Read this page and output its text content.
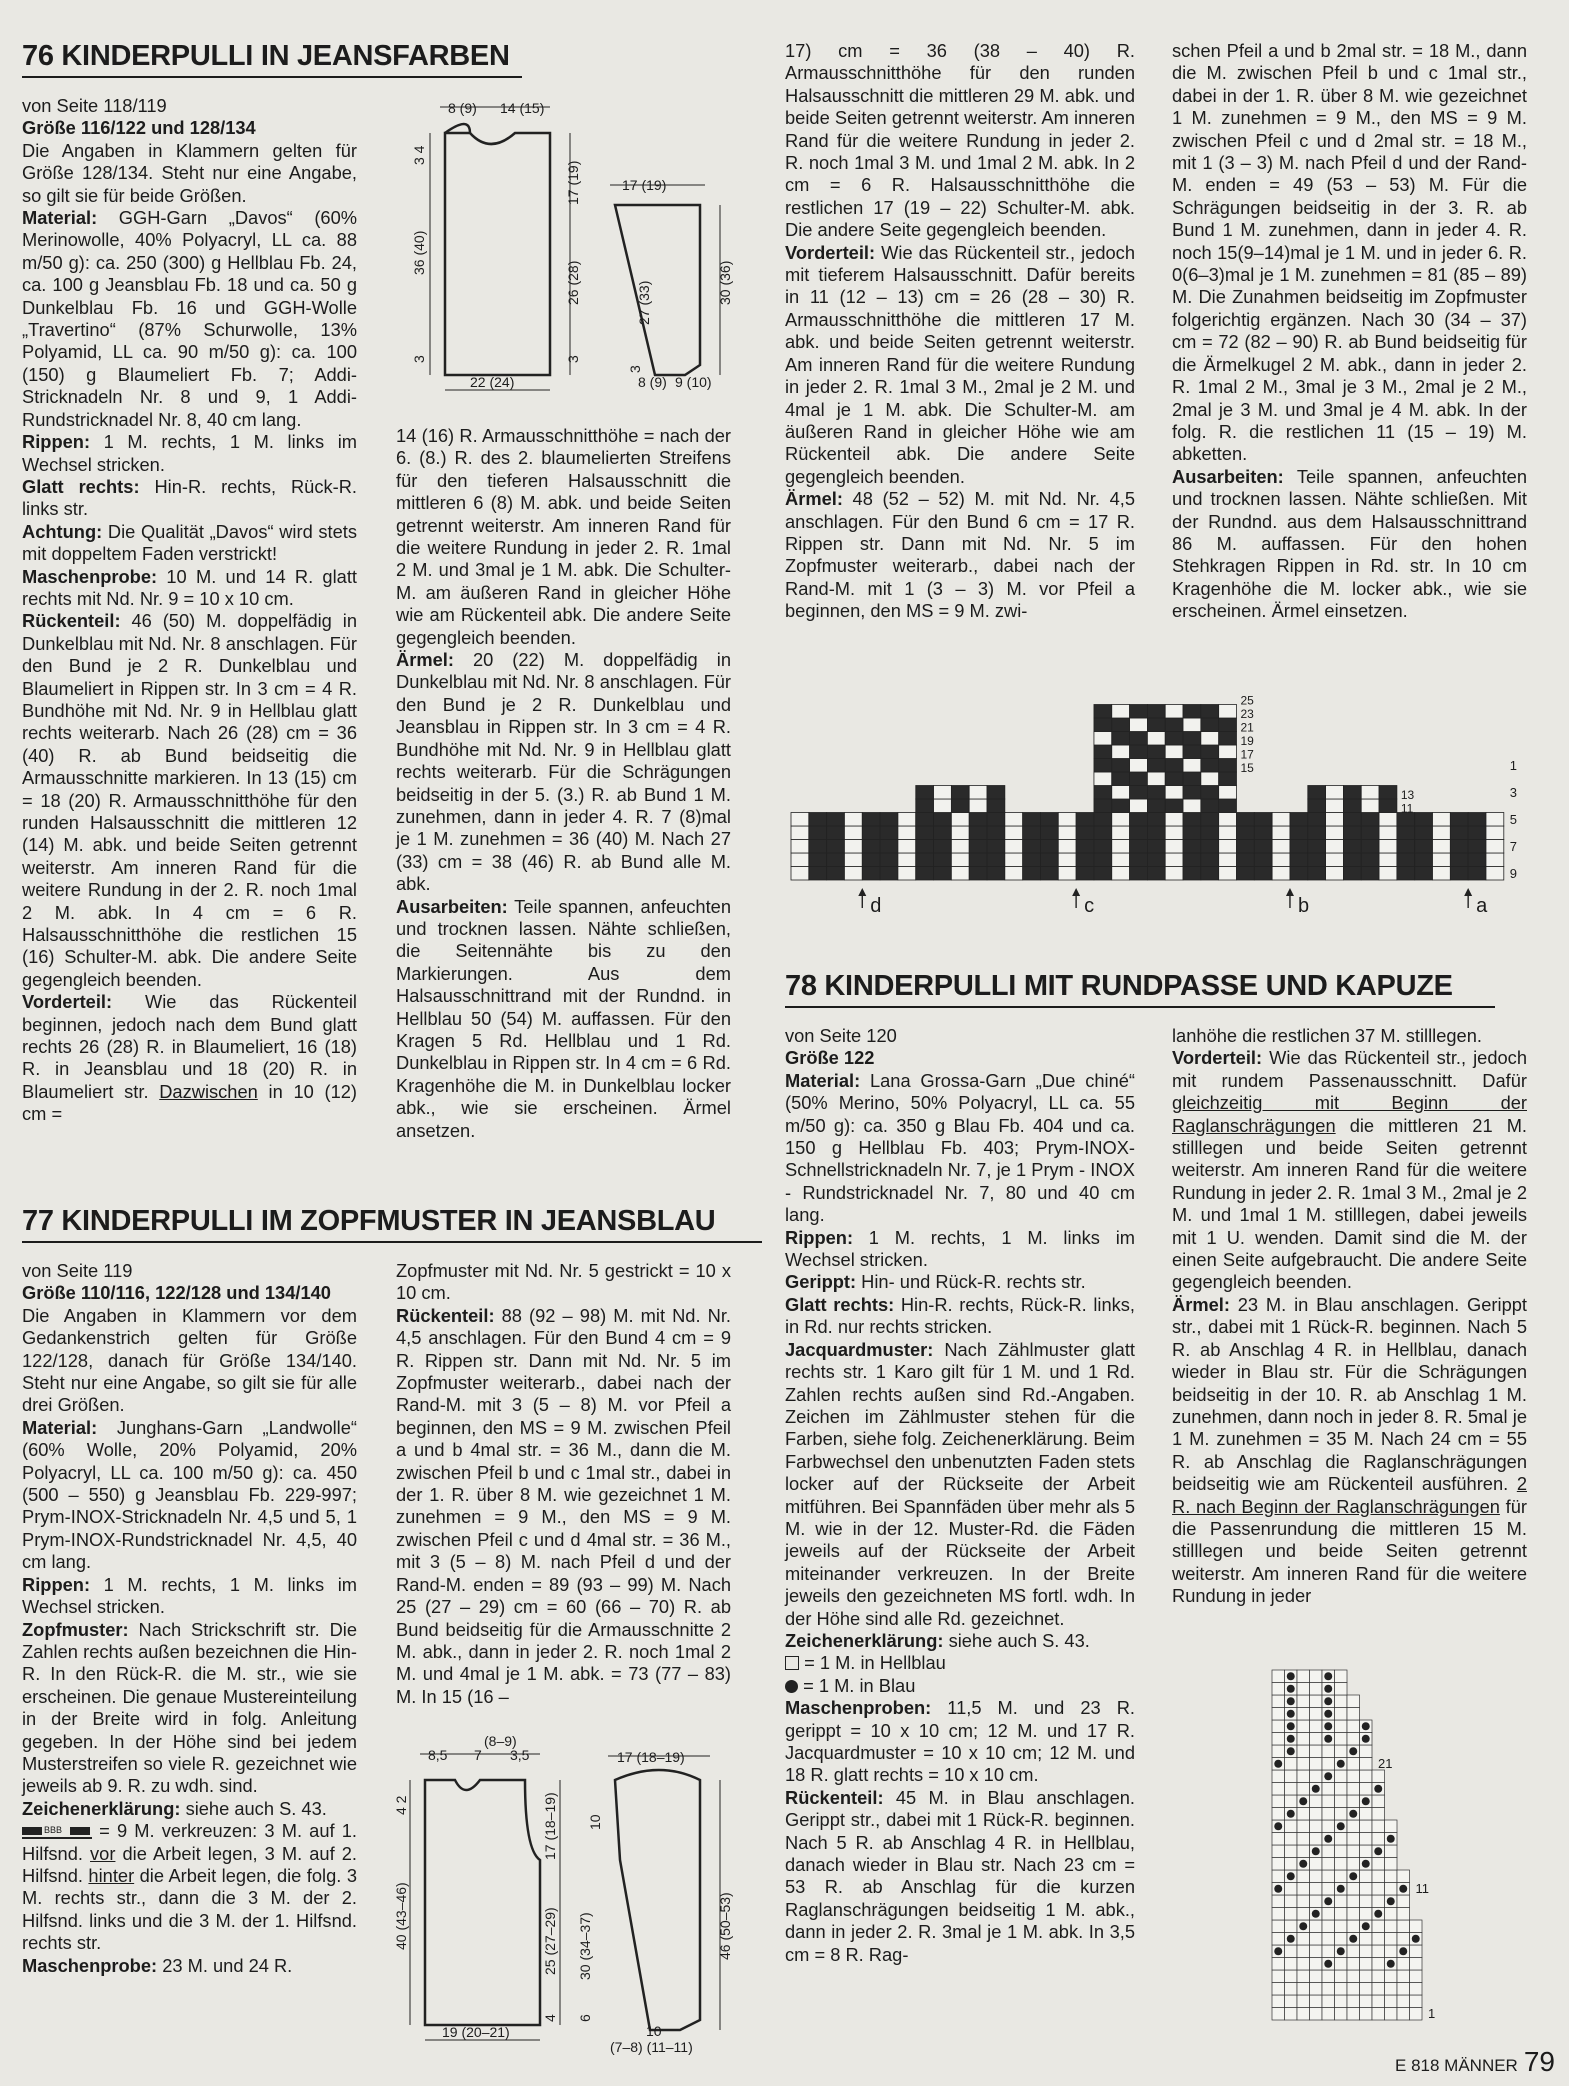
76 KINDERPULLI IN JEANSFARBEN

von Seite 118/119

Größe 116/122 und 128/134

Die Angaben in Klammern gelten für Größe 128/134. Steht nur eine Angabe, so gilt sie für beide Größen.

Material: GGH-Garn „Davos“ (60% Merinowolle, 40% Polyacryl, LL ca. 88 m/50 g): ca. 250 (300) g Hellblau Fb. 24, ca. 100 g Jeansblau Fb. 18 und ca. 50 g Dunkelblau Fb. 16 und GGH-Wolle „Travertino“ (87% Schurwolle, 13% Polyamid, LL ca. 90 m/50 g): ca. 100 (150) g Blaumeliert Fb. 7; Addi-Stricknadeln Nr. 8 und 9, 1 Addi-Rundstricknadel Nr. 8, 40 cm lang.

Rippen: 1 M. rechts, 1 M. links im Wechsel stricken.

Glatt rechts: Hin-R. rechts, Rück-R. links str.

Achtung: Die Qualität „Davos“ wird stets mit doppeltem Faden verstrickt!

Maschenprobe: 10 M. und 14 R. glatt rechts mit Nd. Nr. 9 = 10 x 10 cm.

Rückenteil: 46 (50) M. doppelfädig in Dunkelblau mit Nd. Nr. 8 anschlagen. Für den Bund je 2 R. Dunkelblau und Blaumeliert in Rippen str. In 3 cm = 4 R. Bundhöhe mit Nd. Nr. 9 in Hellblau glatt rechts weiterarb. Nach 26 (28) cm = 36 (40) R. ab Bund beidseitig die Armausschnitte markieren. In 13 (15) cm = 18 (20) R. Armausschnitthöhe für den runden Halsausschnitt die mittleren 12 (14) M. abk. und beide Seiten getrennt weiterstr. Am inneren Rand für die weitere Rundung in der 2. R. noch 1mal 2 M. abk. In 4 cm = 6 R. Halsausschnitthöhe die restlichen 15 (16) Schulter-M. abk. Die andere Seite gegengleich beenden.

Vorderteil: Wie das Rückenteil beginnen, jedoch nach dem Bund glatt rechts 26 (28) R. in Blaumeliert, 16 (18) R. in Jeansblau und 18 (20) R. in Blaumeliert str. Dazwischen in 10 (12) cm =

8 (9) 14 (15)
3 4
36 (40)
3
17 (19)
26 (28)
3
22 (24)
17 (19)
27 (33)	30 (36)
3
8 (9) 9 (10)

14 (16) R. Armausschnitthöhe = nach der 6. (8.) R. des 2. blaumelierten Streifens für den tieferen Halsausschnitt die mittleren 6 (8) M. abk. und beide Seiten getrennt weiterstr. Am inneren Rand für die weitere Rundung in jeder 2. R. 1mal 2 M. und 3mal je 1 M. abk. Die Schulter-M. am äußeren Rand in gleicher Höhe wie am Rückenteil abk. Die andere Seite gegengleich beenden.

Ärmel: 20 (22) M. doppelfädig in Dunkelblau mit Nd. Nr. 8 anschlagen. Für den Bund je 2 R. Dunkelblau und Jeansblau in Rippen str. In 3 cm = 4 R. Bundhöhe mit Nd. Nr. 9 in Hellblau glatt rechts weiterarb. Für die Schrägungen beidseitig in der 5. (3.) R. ab Bund 1 M. zunehmen, dann in jeder 4. R. 7 (8)mal je 1 M. zunehmen = 36 (40) M. Nach 27 (33) cm = 38 (46) R. ab Bund alle M. abk.

Ausarbeiten: Teile spannen, anfeuchten und trocknen lassen. Nähte schließen, die Seitennähte bis zu den Markierungen. Aus dem Halsausschnittrand mit der Rundnd. in Hellblau 50 (54) M. auffassen. Für den Kragen 5 Rd. Hellblau und 1 Rd. Dunkelblau in Rippen str. In 4 cm = 6 Rd. Kragenhöhe die M. in Dunkelblau locker abk., wie sie erscheinen. Ärmel ansetzen.

77 KINDERPULLI IM ZOPFMUSTER IN JEANSBLAU

von Seite 119

Größe 110/116, 122/128 und 134/140

Die Angaben in Klammern vor dem Gedankenstrich gelten für Größe 122/128, danach für Größe 134/140. Steht nur eine Angabe, so gilt sie für alle drei Größen.

Material: Junghans-Garn „Landwolle“ (60% Wolle, 20% Polyamid, 20% Polyacryl, LL ca. 100 m/50 g): ca. 450 (500 – 550) g Jeansblau Fb. 229-997; Prym-INOX-Stricknadeln Nr. 4,5 und 5, 1 Prym-INOX-Rundstricknadel Nr. 4,5, 40 cm lang.

Rippen: 1 M. rechts, 1 M. links im Wechsel stricken.

Zopfmuster: Nach Strickschrift str. Die Zahlen rechts außen bezeichnen die Hin-R. In den Rück-R. die M. str., wie sie erscheinen. Die genaue Mustereinteilung in der Breite wird in folg. Anleitung gegeben. In der Höhe sind bei jedem Musterstreifen so viele R. gezeichnet wie jeweils ab 9. R. zu wdh. sind.

Zeichenerklärung: siehe auch S. 43.

BBB = 9 M. verkreuzen: 3 M. auf 1. Hilfsnd. vor die Arbeit legen, 3 M. auf 2. Hilfsnd. hinter die Arbeit legen, die folg. 3 M. rechts str., dann die 3 M. der 2. Hilfsnd. links und die 3 M. der 1. Hilfsnd. rechts str.

Maschenprobe: 23 M. und 24 R.

Zopfmuster mit Nd. Nr. 5 gestrickt = 10 x 10 cm.

Rückenteil: 88 (92 – 98) M. mit Nd. Nr. 4,5 anschlagen. Für den Bund 4 cm = 9 R. Rippen str. Dann mit Nd. Nr. 5 im Zopfmuster weiterarb., dabei nach der Rand-M. mit 3 (5 – 8) M. vor Pfeil a beginnen, den MS = 9 M. zwischen Pfeil a und b 4mal str. = 36 M., dann die M. zwischen Pfeil b und c 1mal str., dabei in der 1. R. über 8 M. wie gezeichnet 1 M. zunehmen = 9 M., den MS = 9 M. zwischen Pfeil c und d 4mal str. = 36 M., mit 3 (5 – 8) M. nach Pfeil d und der Rand-M. enden = 89 (93 – 99) M. Nach 25 (27 – 29) cm = 60 (66 – 70) R. ab Bund beidseitig für die Armausschnitte 2 M. abk., dann in jeder 2. R. noch 1mal 2 M. und 4mal je 1 M. abk. = 73 (77 – 83) M. In 15 (16 –

8,5 7
(8–9)
3,5
4 2
40 (43–46)
17 (18–19)
25 (27–29)
4
30 (34–37)
6
19 (20–21)
17 (18–19)
10
46 (50–53)
10
(7–8) (11–11)

17) cm = 36 (38 – 40) R. Armausschnitthöhe für den runden Halsausschnitt die mittleren 29 M. abk. und beide Seiten getrennt weiterstr. Am inneren Rand für die weitere Rundung in jeder 2. R. noch 1mal 3 M. und 1mal 2 M. abk. In 2 cm = 6 R. Halsausschnitthöhe die restlichen 17 (19 – 22) Schulter-M. abk. Die andere Seite gegengleich beenden.

Vorderteil: Wie das Rückenteil str., jedoch mit tieferem Halsausschnitt. Dafür bereits in 11 (12 – 13) cm = 26 (28 – 30) R. Armausschnitthöhe die mittleren 17 M. abk. und beide Seiten getrennt weiterstr. Am inneren Rand für die weitere Rundung in jeder 2. R. 1mal 3 M., 2mal je 2 M. und 4mal je 1 M. abk. Die Schulter-M. am äußeren Rand in gleicher Höhe wie am Rückenteil abk. Die andere Seite gegengleich beenden.

Ärmel: 48 (52 – 52) M. mit Nd. Nr. 4,5 anschlagen. Für den Bund 6 cm = 17 R. Rippen str. Dann mit Nd. Nr. 5 im Zopfmuster weiterarb., dabei nach der Rand-M. mit 1 (3 – 3) M. vor Pfeil a beginnen, den MS = 9 M. zwi-

schen Pfeil a und b 2mal str. = 18 M., dann die M. zwischen Pfeil b und c 1mal str., dabei in der 1. R. über 8 M. wie gezeichnet 1 M. zunehmen = 9 M., den MS = 9 M. zwischen Pfeil c und d 2mal str. = 18 M., mit 1 (3 – 3) M. nach Pfeil d und der Rand-M. enden = 49 (53 – 53) M. Für die Schrägungen beidseitig in der 3. R. ab Bund 1 M. zunehmen, dann in jeder 4. R. noch 15(9–14)mal je 1 M. und in jeder 6. R. 0(6–3)mal je 1 M. zunehmen = 81 (85 – 89) M. Die Zunahmen beidseitig im Zopfmuster folgerichtig ergänzen. Nach 30 (34 – 37) cm = 72 (82 – 90) R. ab Bund beidseitig für die Ärmelkugel 2 M. abk., dann in jeder 2. R. 1mal 2 M., 3mal je 3 M., 2mal je 2 M., 2mal je 3 M. und 3mal je 4 M. abk. In der folg. R. die restlichen 11 (15 – 19) M. abketten.

Ausarbeiten: Teile spannen, anfeuchten und trocknen lassen. Nähte schließen. Mit der Rundnd. aus dem Halsausschnittrand 86 M. auffassen. Für den hohen Stehkragen Rippen in Rd. str. In 10 cm Kragenhöhe die M. locker abk., wie sie erscheinen. Ärmel einsetzen.

9
7
5
3
1
25
23
21
19
17
15
13
11
d	c	b	a
78 KINDERPULLI MIT RUNDPASSE UND KAPUZE

von Seite 120

Größe 122

Material: Lana Grossa-Garn „Due chiné“ (50% Merino, 50% Polyacryl, LL ca. 55 m/50 g): ca. 350 g Blau Fb. 404 und ca. 150 g Hellblau Fb. 403; Prym-INOX-Schnellstricknadeln Nr. 7, je 1 Prym - INOX - Rundstricknadel Nr. 7, 80 und 40 cm lang.

Rippen: 1 M. rechts, 1 M. links im Wechsel stricken.

Gerippt: Hin- und Rück-R. rechts str.

Glatt rechts: Hin-R. rechts, Rück-R. links, in Rd. nur rechts stricken.

Jacquardmuster: Nach Zählmuster glatt rechts str. 1 Karo gilt für 1 M. und 1 Rd. Zahlen rechts außen sind Rd.-Angaben. Zeichen im Zählmuster stehen für die Farben, siehe folg. Zeichenerklärung. Beim Farbwechsel den unbenutzten Faden stets locker auf der Rückseite der Arbeit mitführen. Bei Spannfäden über mehr als 5 M. wie in der 12. Muster-Rd. die Fäden jeweils auf der Rückseite der Arbeit miteinander verkreuzen. In der Breite jeweils den gezeichneten MS fortl. wdh. In der Höhe sind alle Rd. gezeichnet.

Zeichenerklärung: siehe auch S. 43.

= 1 M. in Hellblau

= 1 M. in Blau

Maschenproben: 11,5 M. und 23 R. gerippt = 10 x 10 cm; 12 M. und 17 R. Jacquardmuster = 10 x 10 cm; 12 M. und 18 R. glatt rechts = 10 x 10 cm.

Rückenteil: 45 M. in Blau anschlagen. Gerippt str., dabei mit 1 Rück-R. beginnen. Nach 5 R. ab Anschlag 4 R. in Hellblau, danach wieder in Blau str. Nach 23 cm = 53 R. ab Anschlag für die kurzen Raglanschrägungen beidseitig 1 M. abk., dann in jeder 2. R. 3mal je 1 M. abk. In 3,5 cm = 8 R. Rag-

lanhöhe die restlichen 37 M. stilllegen.

Vorderteil: Wie das Rückenteil str., jedoch mit rundem Passenausschnitt. Dafür gleichzeitig mit Beginn der Raglanschrägungen die mittleren 21 M. stilllegen und beide Seiten getrennt weiterstr. Am inneren Rand für die weitere Rundung in jeder 2. R. 1mal 3 M., 2mal je 2 M. und 1mal 1 M. stilllegen, dabei jeweils mit 1 U. wenden. Damit sind die M. der einen Seite aufgebraucht. Die andere Seite gegengleich beenden.

Ärmel: 23 M. in Blau anschlagen. Gerippt str., dabei mit 1 Rück-R. beginnen. Nach 5 R. ab Anschlag 4 R. in Hellblau, danach wieder in Blau str. Für die Schrägungen beidseitig in der 10. R. ab Anschlag 1 M. zunehmen, dann noch in jeder 8. R. 5mal je 1 M. zunehmen = 35 M. Nach 24 cm = 55 R. ab Anschlag die Raglanschrägungen beidseitig wie am Rückenteil ausführen. 2 R. nach Beginn der Raglanschrägungen für die Passenrundung die mittleren 15 M. stilllegen und beide Seiten getrennt weiterstr. Am inneren Rand für die weitere Rundung in jeder

21
11
1
E 818 MÄNNER 79
